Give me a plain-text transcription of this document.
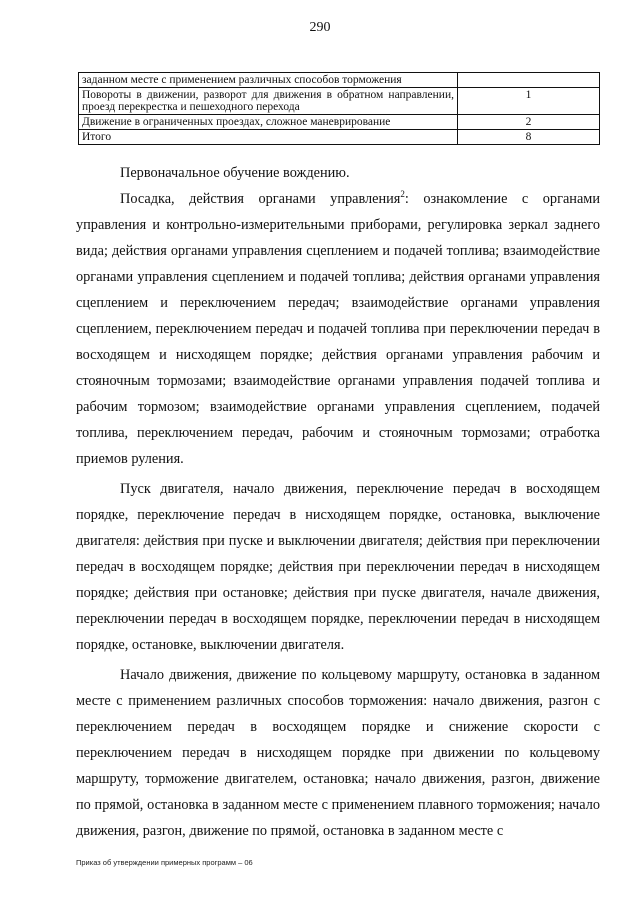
290
заданном месте с применением различных способов торможения	
Повороты в движении, разворот для движения в обратном направлении, проезд перекрестка и пешеходного перехода	1
Движение в ограниченных проездах, сложное маневрирование	2
Итого	8

Первоначальное обучение вождению.

Посадка, действия органами управления$^2$: ознакомление с органами управления и контрольно-измерительными приборами, регулировка зеркал заднего вида; действия органами управления сцеплением и подачей топлива; взаимодействие органами управления сцеплением и подачей топлива; действия органами управления сцеплением и переключением передач; взаимодействие органами управления сцеплением, переключением передач и подачей топлива при переключении передач в восходящем и нисходящем порядке; действия органами управления рабочим и стояночным тормозами; взаимодействие органами управления подачей топлива и рабочим тормозом; взаимодействие органами управления сцеплением, подачей топлива, переключением передач, рабочим и стояночным тормозами; отработка приемов руления.

Пуск двигателя, начало движения, переключение передач в восходящем порядке, переключение передач в нисходящем порядке, остановка, выключение двигателя: действия при пуске и выключении двигателя; действия при переключении передач в восходящем порядке; действия при переключении передач в нисходящем порядке; действия при остановке; действия при пуске двигателя, начале движения, переключении передач в восходящем порядке, переключении передач в нисходящем порядке, остановке, выключении двигателя.

Начало движения, движение по кольцевому маршруту, остановка в заданном месте с применением различных способов торможения: начало движения, разгон с переключением передач в восходящем порядке и снижение скорости с переключением передач в нисходящем порядке при движении по кольцевому маршруту, торможение двигателем, остановка; начало движения, разгон, движение по прямой, остановка в заданном месте с применением плавного торможения; начало движения, разгон, движение по прямой, остановка в заданном месте с

Приказ об утверждении примерных программ – 06
